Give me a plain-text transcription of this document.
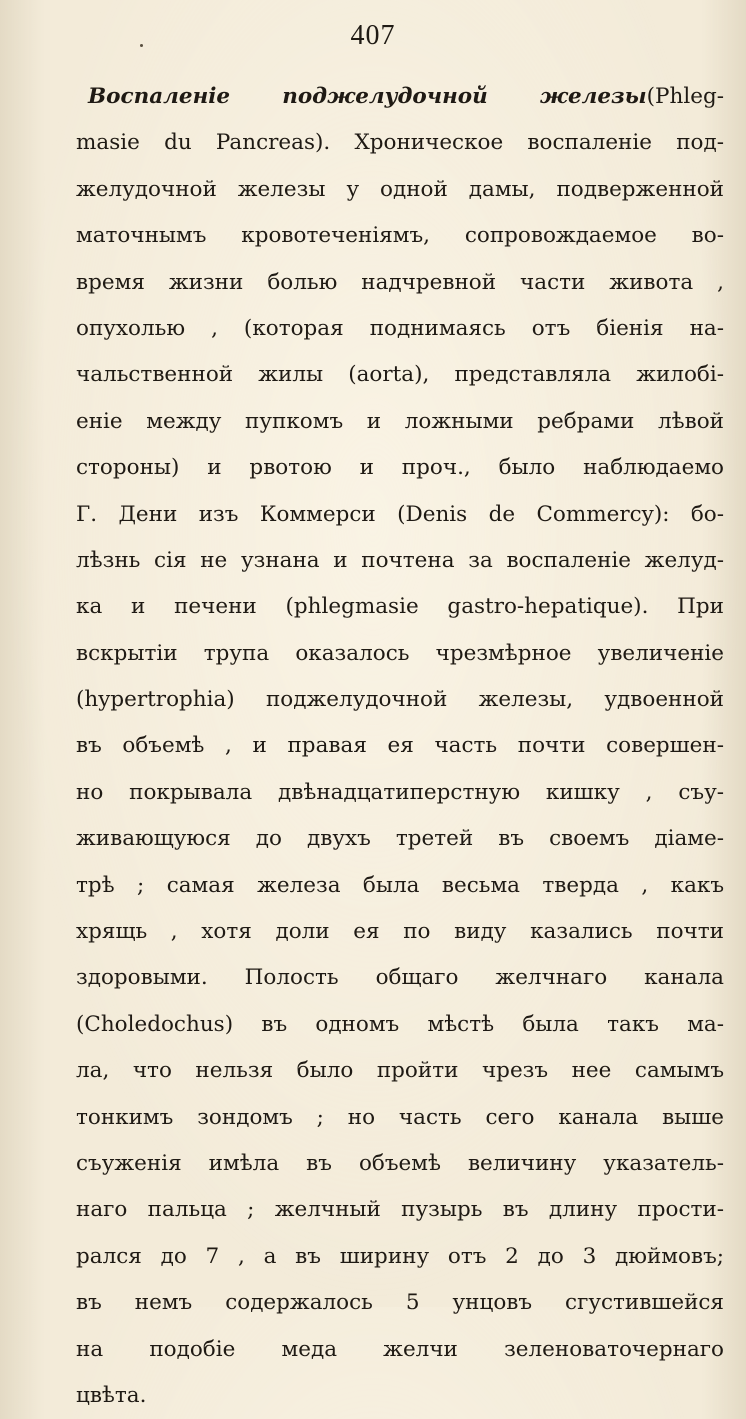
407
Воспаленіе поджелудочной железы(Phleg-
masie du Pancreas). Хроническое воспаленіе под-
желудочной железы у одной дамы, подверженной
маточнымъ кровотеченіямъ, сопровождаемое во-
время жизни болью надчревной части живота ,
опухолью , (которая поднимаясь отъ біенія на-
чальственной жилы (aorta), представляла жилобі-
еніе между пупкомъ и ложными ребрами лѣвой
стороны) и рвотою и проч., было наблюдаемо
Г. Дени изъ Коммерси (Denis de Commercy): бо-
лѣзнь сія не узнана и почтена за воспаленіе желуд-
ка и печени (phlegmasie gastro-hepatique). При
вскрытіи трупа оказалось чрезмѣрное увеличеніе
(hypertrophia) поджелудочной железы, удвоенной
въ объемѣ , и правая ея часть почти совершен-
но покрывала двѣнадцатиперстную кишку , съу-
живающуюся до двухъ третей въ своемъ діаме-
трѣ ; самая железа была весьма тверда , какъ
хрящь , хотя доли ея по виду казались почти
здоровыми. Полость общаго желчнаго канала
(Choledochus) въ одномъ мѣстѣ была такъ ма-
ла, что нельзя было пройти чрезъ нее самымъ
тонкимъ зондомъ ; но часть сего канала выше
съуженія имѣла въ объемѣ величину указатель-
наго пальца ; желчный пузырь въ длину прости-
рался до 7 , а въ ширину отъ 2 до 3 дюймовъ;
въ немъ содержалось 5 унцовъ сгустившейся
на подобіе меда желчи зеленоваточернаго
цвѣта.
